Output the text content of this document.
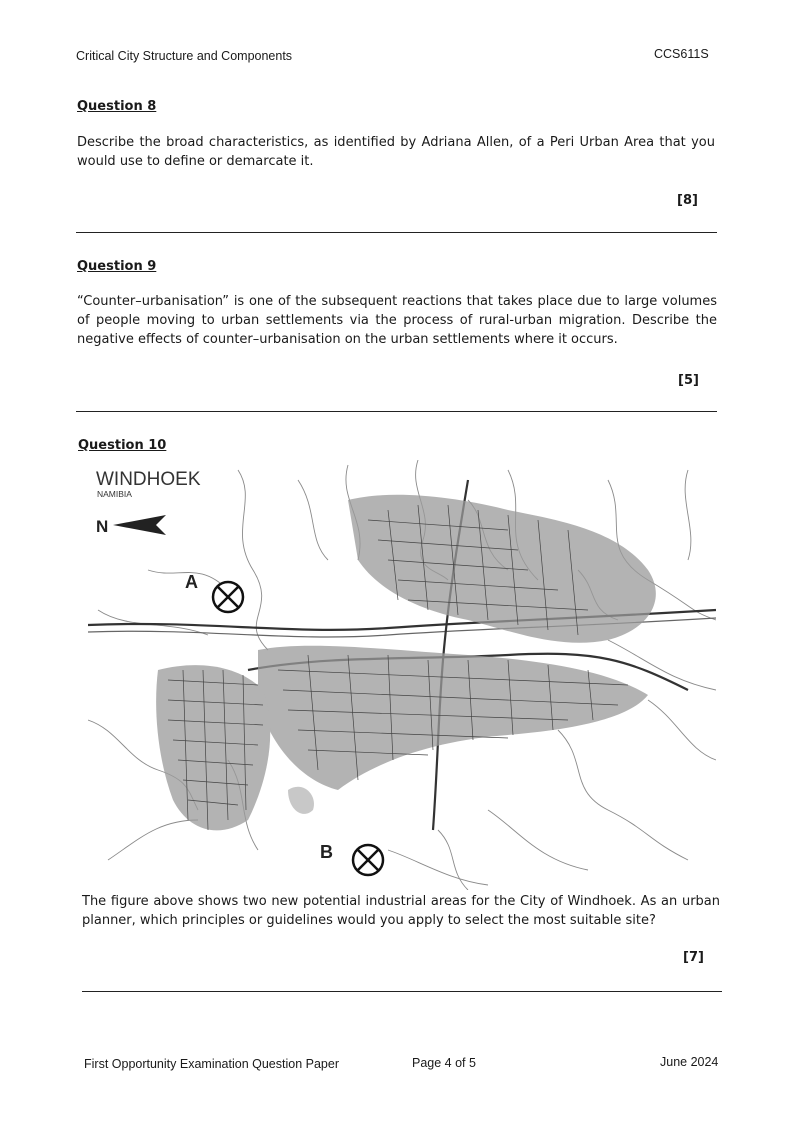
Critical City Structure and Components	CCS611S
Question 8
Describe the broad characteristics, as identified by Adriana Allen, of a Peri Urban Area that you would use to define or demarcate it.
[8]
Question 9
“Counter–urbanisation” is one of the subsequent reactions that takes place due to large volumes of people moving to urban settlements via the process of rural-urban migration. Describe the negative effects of counter–urbanisation on the urban settlements where it occurs.
[5]
Question 10
WINDHOEK
NAMIBIA
N
A
B
The figure above shows two new potential industrial areas for the City of Windhoek. As an urban planner, which principles or guidelines would you apply to select the most suitable site?
[7]
First Opportunity Examination Question Paper	Page 4 of 5	June 2024
